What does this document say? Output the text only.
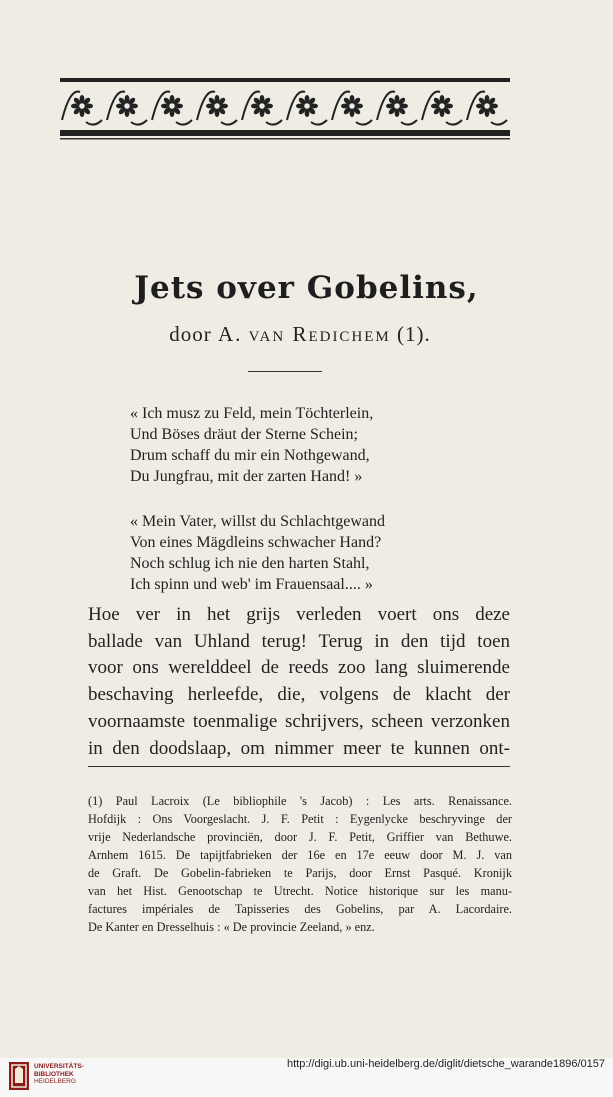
Jets over Gobelins,
door A. van Redichem (1).
« Ich musz zu Feld, mein Töchterlein,
Und Böses dräut der Sterne Schein;
Drum schaff du mir ein Nothgewand,
Du Jungfrau, mit der zarten Hand! »
« Mein Vater, willst du Schlachtgewand
Von eines Mägdleins schwacher Hand?
Noch schlug ich nie den harten Stahl,
Ich spinn und web' im Frauensaal.... »
Hoe ver in het grijs verleden voert ons deze
ballade van Uhland terug! Terug in den tijd toen
voor ons werelddeel de reeds zoo lang sluimerende
beschaving herleefde, die, volgens de klacht der
voornaamste toenmalige schrijvers, scheen verzonken
in den doodslaap, om nimmer meer te kunnen ont-
(1) Paul Lacroix (Le bibliophile 's Jacob) : Les arts. Renaissance.
Hofdijk : Ons Voorgeslacht. J. F. Petit : Eygenlycke beschryvinge der
vrije Nederlandsche provinciën, door J. F. Petit, Griffier van Bethuwe.
Arnhem 1615. De tapijtfabrieken der 16e en 17e eeuw door M. J. van
de Graft. De Gobelin-fabrieken te Parijs, door Ernst Pasqué. Kronijk
van het Hist. Genootschap te Utrecht. Notice historique sur les manu-
factures impériales de Tapisseries des Gobelins, par A. Lacordaire.
De Kanter en Dresselhuis : « De provincie Zeeland, » enz.
UNIVERSITÄTS-
BIBLIOTHEK
HEIDELBERG
http://digi.ub.uni-heidelberg.de/diglit/dietsche_warande1896/0157
